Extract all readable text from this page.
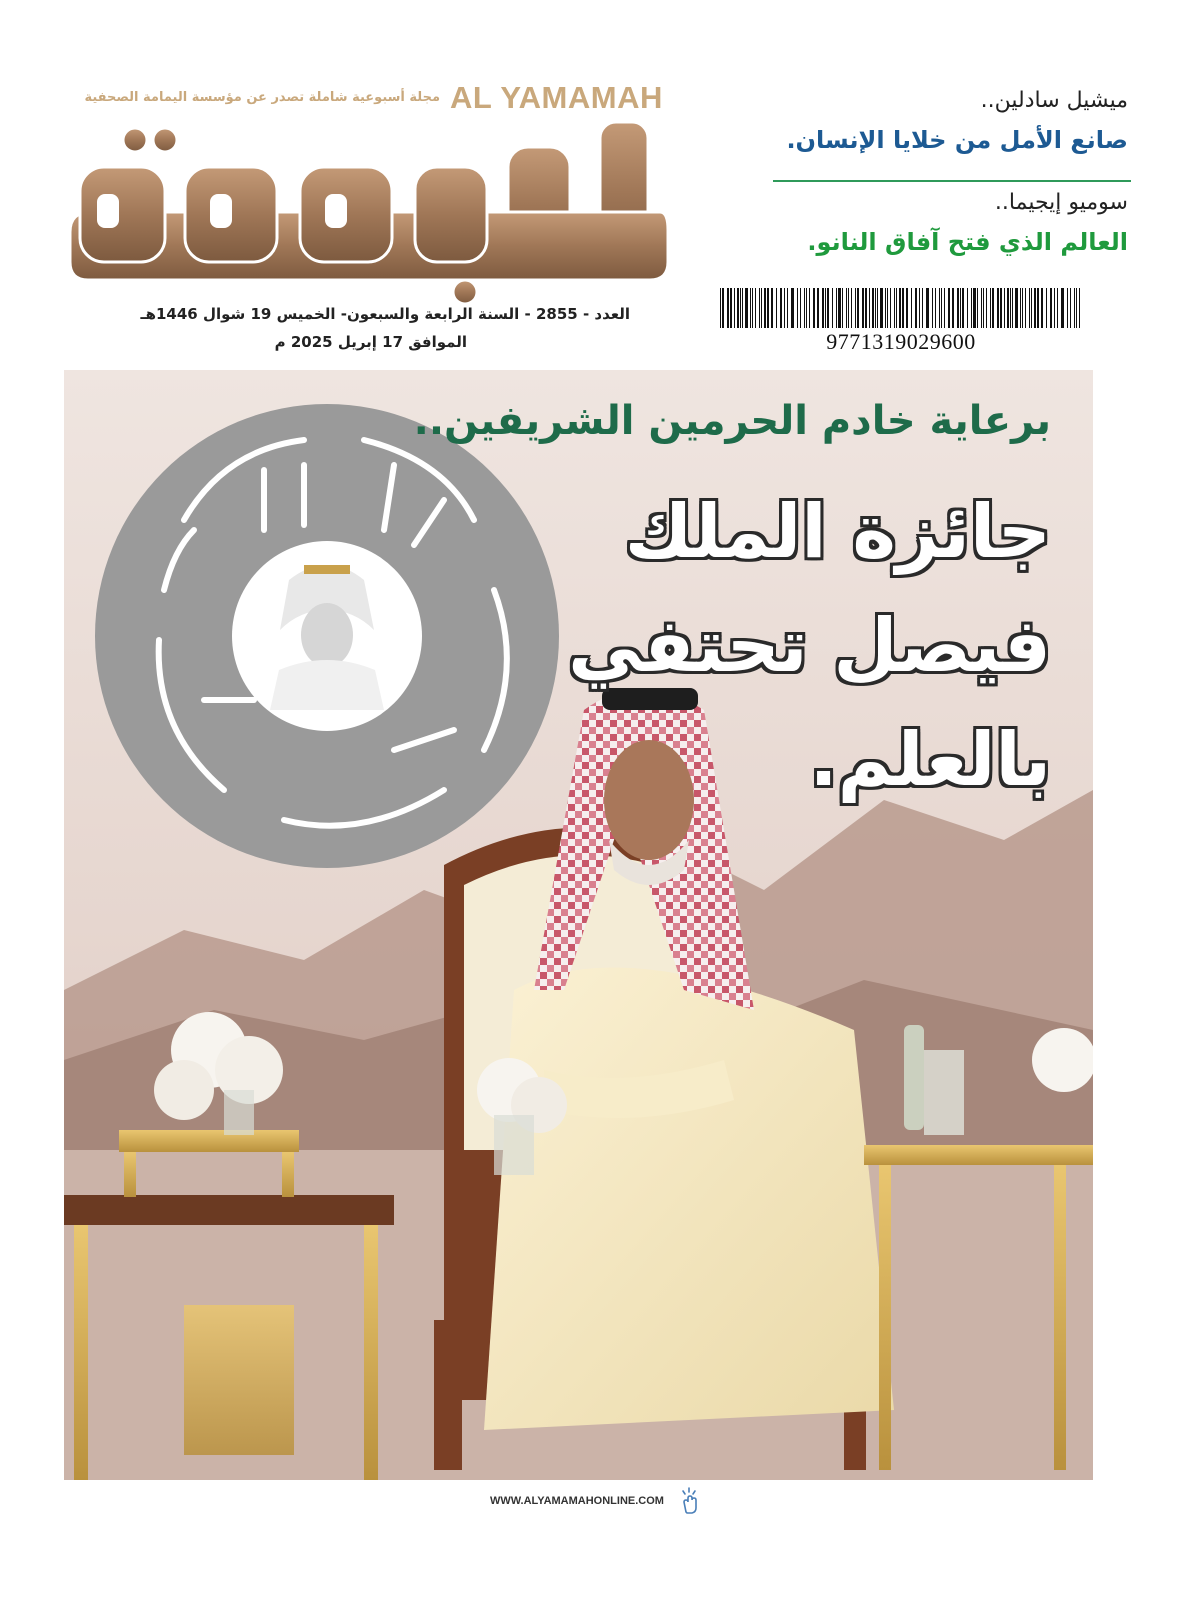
AL YAMAMAH
مجلة أسبوعية شاملة تصدر عن مؤسسة اليمامة الصحفية
العدد - 2855 - السنة الرابعة والسبعون- الخميس 19 شوال 1446هـ
الموافق 17 إبريل 2025 م
ميشيل سادلين..
صانع الأمل من خلايا الإنسان.
سوميو إيجيما..
العالم الذي فتح آفاق النانو.
9771319029600
برعاية خادم الحرمين الشريفين..
جائزة الملك
فيصل تحتفي
بالعلم.
WWW.ALYAMAMAHONLINE.COM
